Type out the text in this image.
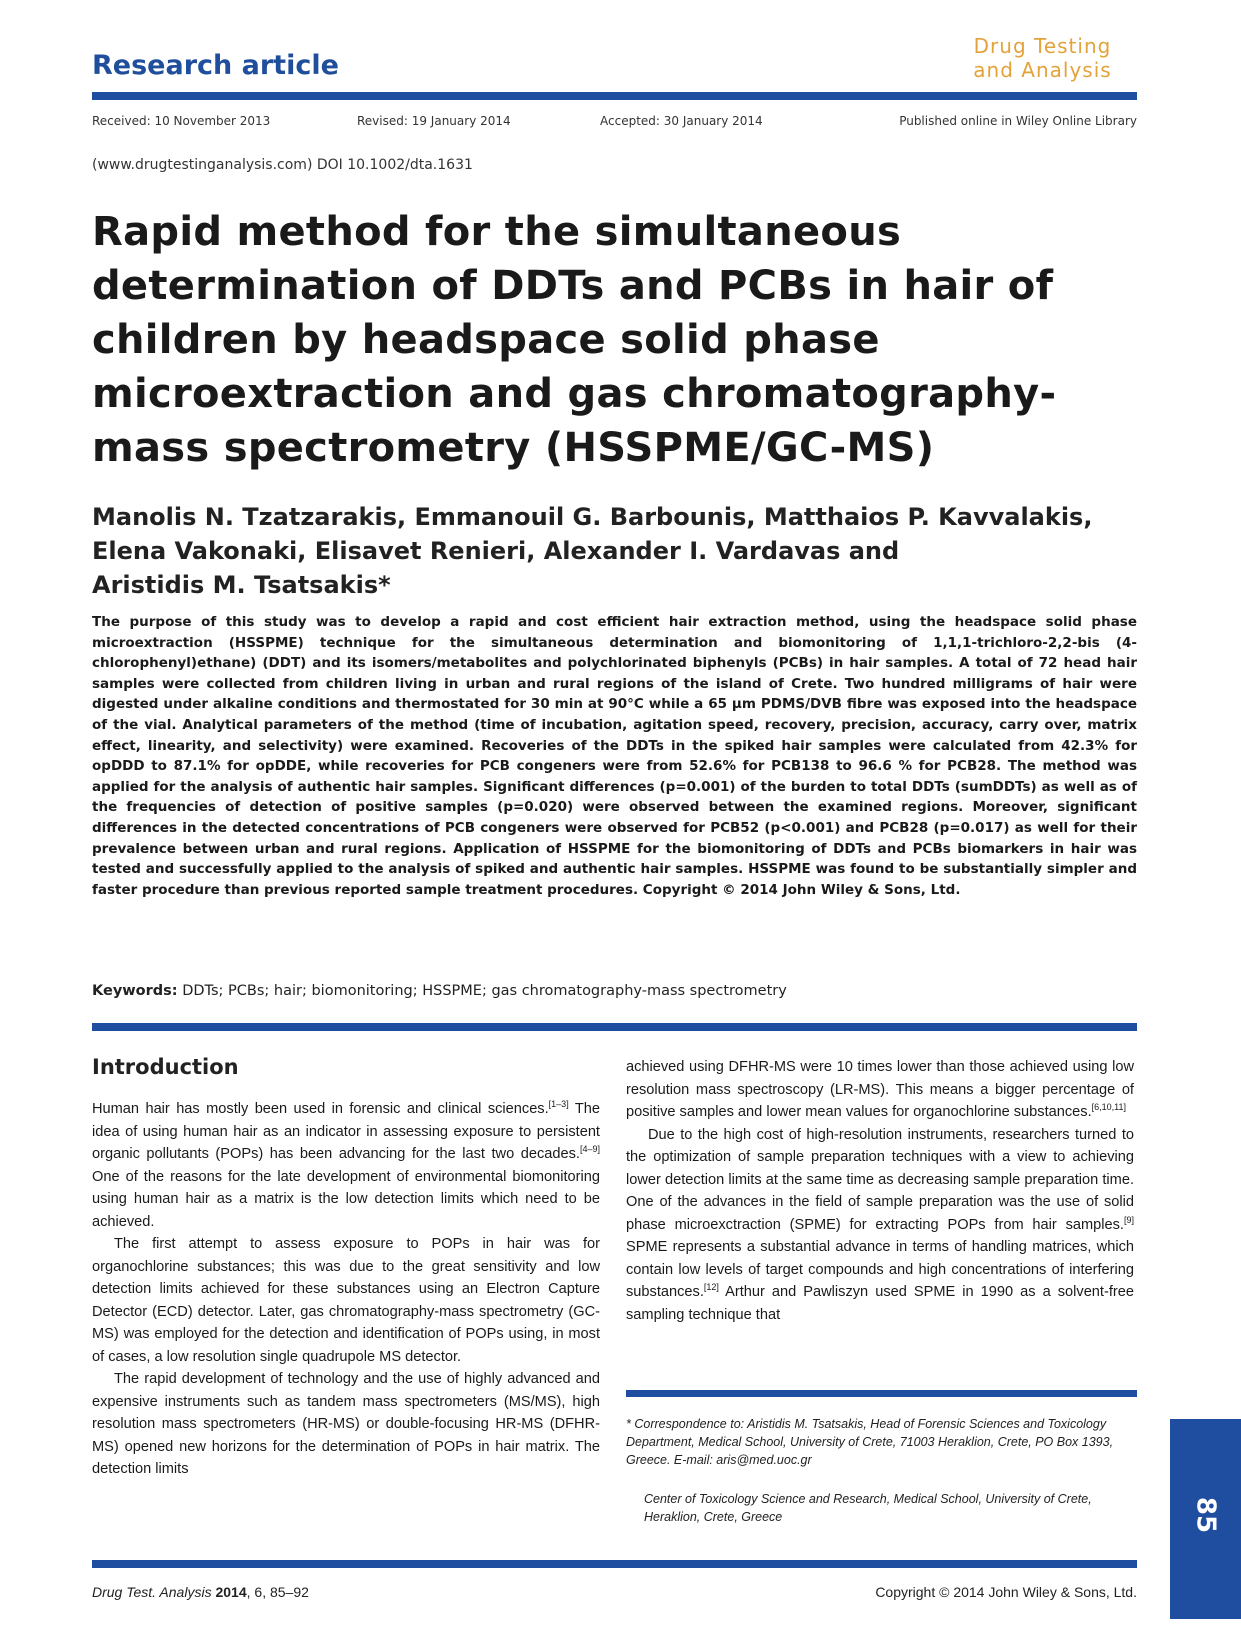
Research article
Drug Testing
and Analysis
Received: 10 November 2013	Revised: 19 January 2014	Accepted: 30 January 2014	Published online in Wiley Online Library
(www.drugtestinganalysis.com) DOI 10.1002/dta.1631
Rapid method for the simultaneous determination of DDTs and PCBs in hair of children by headspace solid phase microextraction and gas chromatography-mass spectrometry (HSSPME/GC-MS)
Manolis N. Tzatzarakis, Emmanouil G. Barbounis, Matthaios P. Kavvalakis,
Elena Vakonaki, Elisavet Renieri, Alexander I. Vardavas and
Aristidis M. Tsatsakis*
The purpose of this study was to develop a rapid and cost efficient hair extraction method, using the headspace solid phase microextraction (HSSPME) technique for the simultaneous determination and biomonitoring of 1,1,1-trichloro-2,2-bis (4-chlorophenyl)ethane) (DDT) and its isomers/metabolites and polychlorinated biphenyls (PCBs) in hair samples. A total of 72 head hair samples were collected from children living in urban and rural regions of the island of Crete. Two hundred milligrams of hair were digested under alkaline conditions and thermostated for 30 min at 90°C while a 65 μm PDMS/DVB fibre was exposed into the headspace of the vial. Analytical parameters of the method (time of incubation, agitation speed, recovery, precision, accuracy, carry over, matrix effect, linearity, and selectivity) were examined. Recoveries of the DDTs in the spiked hair samples were calculated from 42.3% for opDDD to 87.1% for opDDE, while recoveries for PCB congeners were from 52.6% for PCB138 to 96.6 % for PCB28. The method was applied for the analysis of authentic hair samples. Significant differences (p=0.001) of the burden to total DDTs (sumDDTs) as well as of the frequencies of detection of positive samples (p=0.020) were observed between the examined regions. Moreover, significant differences in the detected concentrations of PCB congeners were observed for PCB52 (p<0.001) and PCB28 (p=0.017) as well for their prevalence between urban and rural regions. Application of HSSPME for the biomonitoring of DDTs and PCBs biomarkers in hair was tested and successfully applied to the analysis of spiked and authentic hair samples. HSSPME was found to be substantially simpler and faster procedure than previous reported sample treatment procedures. Copyright © 2014 John Wiley & Sons, Ltd.
Keywords: DDTs; PCBs; hair; biomonitoring; HSSPME; gas chromatography-mass spectrometry
Introduction

Human hair has mostly been used in forensic and clinical sciences.[1–3] The idea of using human hair as an indicator in assessing exposure to persistent organic pollutants (POPs) has been advancing for the last two decades.[4–9] One of the reasons for the late development of environmental biomonitoring using human hair as a matrix is the low detection limits which need to be achieved.

The first attempt to assess exposure to POPs in hair was for organochlorine substances; this was due to the great sensitivity and low detection limits achieved for these substances using an Electron Capture Detector (ECD) detector. Later, gas chromatography-mass spectrometry (GC-MS) was employed for the detection and identification of POPs using, in most of cases, a low resolution single quadrupole MS detector.

The rapid development of technology and the use of highly advanced and expensive instruments such as tandem mass spectrometers (MS/MS), high resolution mass spectrometers (HR-MS) or double-focusing HR-MS (DFHR-MS) opened new horizons for the determination of POPs in hair matrix. The detection limits

achieved using DFHR-MS were 10 times lower than those achieved using low resolution mass spectroscopy (LR-MS). This means a bigger percentage of positive samples and lower mean values for organochlorine substances.[6,10,11]

Due to the high cost of high-resolution instruments, researchers turned to the optimization of sample preparation techniques with a view to achieving lower detection limits at the same time as decreasing sample preparation time. One of the advances in the field of sample preparation was the use of solid phase microexctraction (SPME) for extracting POPs from hair samples.[9] SPME represents a substantial advance in terms of handling matrices, which contain low levels of target compounds and high concentrations of interfering substances.[12] Arthur and Pawliszyn used SPME in 1990 as a solvent-free sampling technique that

* Correspondence to: Aristidis M. Tsatsakis, Head of Forensic Sciences and Toxicology Department, Medical School, University of Crete, 71003 Heraklion, Crete, PO Box 1393, Greece. E-mail: aris@med.uoc.gr
Center of Toxicology Science and Research, Medical School, University of Crete, Heraklion, Crete, Greece	85
Drug Test. Analysis 2014, 6, 85–92	Copyright © 2014 John Wiley & Sons, Ltd.
